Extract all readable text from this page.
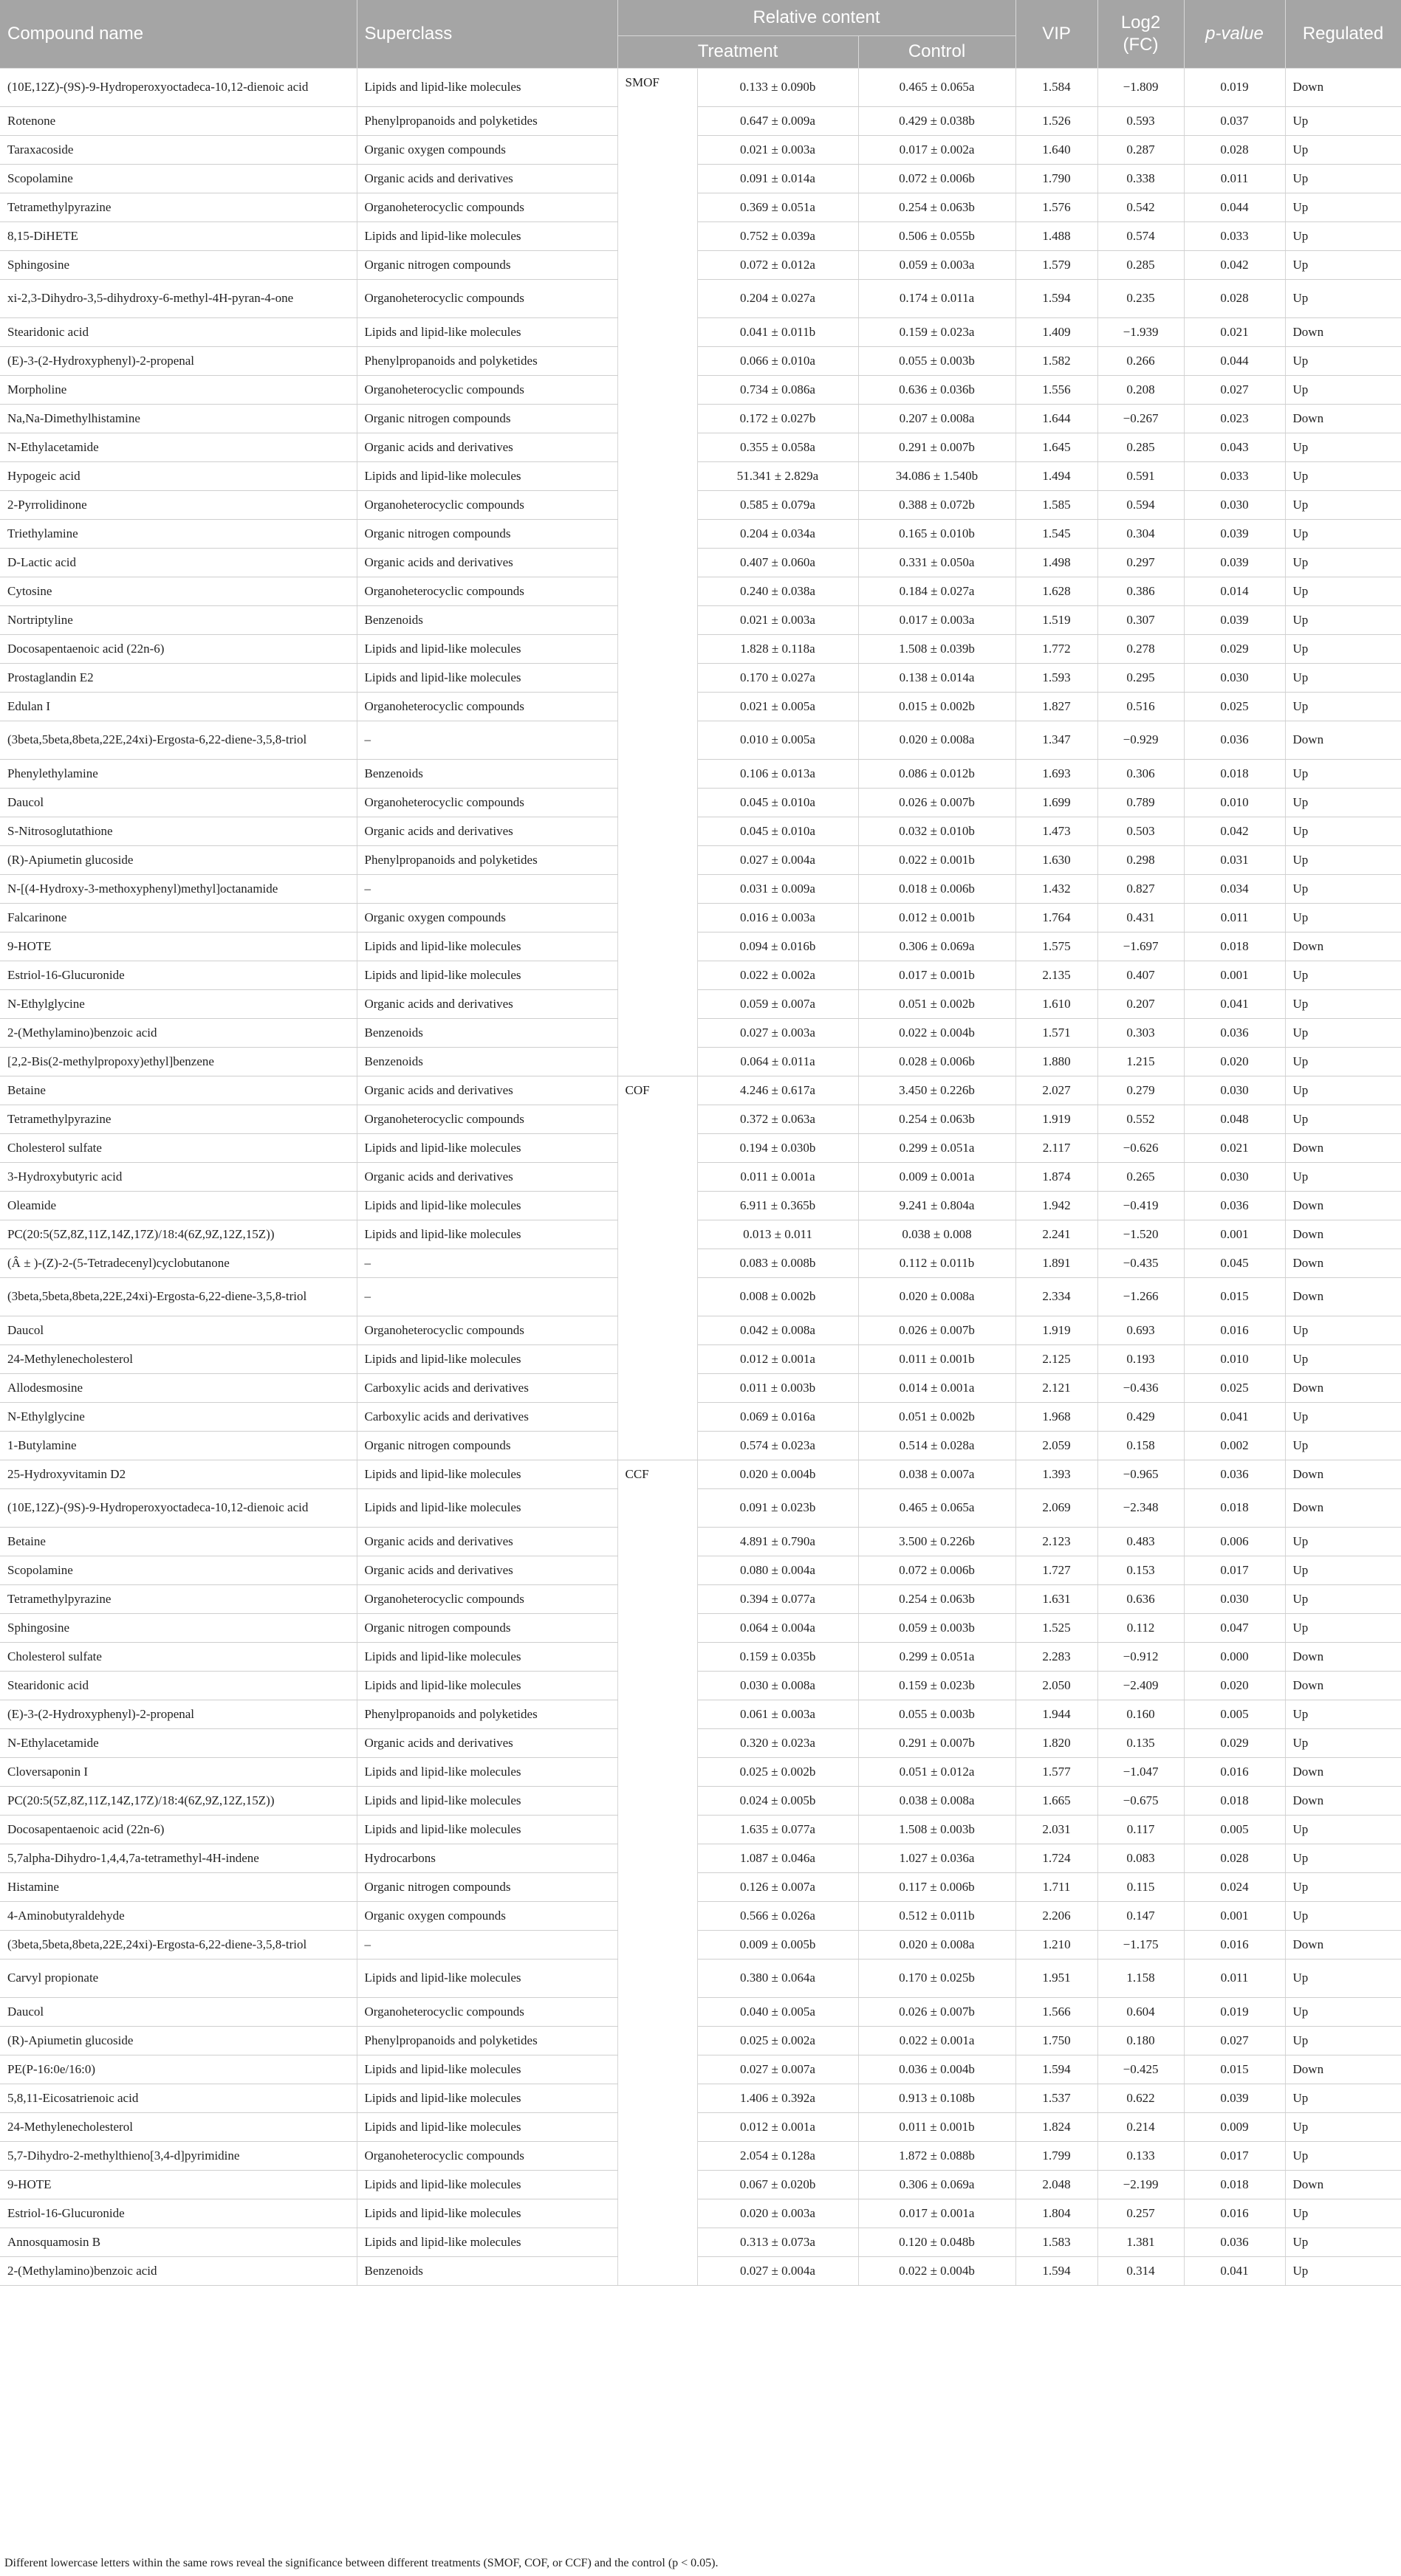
Compound name	Superclass	Relative content			VIP	Log2
(FC)	p-value	Regulated
		Treatment		Control				
(10E,12Z)-(9S)-9-Hydroperoxyoctadeca-10,12-dienoic acid	Lipids and lipid-like molecules	SMOF	0.133 ± 0.090b	0.465 ± 0.065a	1.584	−1.809	0.019	Down
Rotenone	Phenylpropanoids and polyketides		0.647 ± 0.009a	0.429 ± 0.038b	1.526	0.593	0.037	Up
Taraxacoside	Organic oxygen compounds		0.021 ± 0.003a	0.017 ± 0.002a	1.640	0.287	0.028	Up
Scopolamine	Organic acids and derivatives		0.091 ± 0.014a	0.072 ± 0.006b	1.790	0.338	0.011	Up
Tetramethylpyrazine	Organoheterocyclic compounds		0.369 ± 0.051a	0.254 ± 0.063b	1.576	0.542	0.044	Up
8,15-DiHETE	Lipids and lipid-like molecules		0.752 ± 0.039a	0.506 ± 0.055b	1.488	0.574	0.033	Up
Sphingosine	Organic nitrogen compounds		0.072 ± 0.012a	0.059 ± 0.003a	1.579	0.285	0.042	Up
xi-2,3-Dihydro-3,5-dihydroxy-6-methyl-4H-pyran-4-one	Organoheterocyclic compounds		0.204 ± 0.027a	0.174 ± 0.011a	1.594	0.235	0.028	Up
Stearidonic acid	Lipids and lipid-like molecules		0.041 ± 0.011b	0.159 ± 0.023a	1.409	−1.939	0.021	Down
(E)-3-(2-Hydroxyphenyl)-2-propenal	Phenylpropanoids and polyketides		0.066 ± 0.010a	0.055 ± 0.003b	1.582	0.266	0.044	Up
Morpholine	Organoheterocyclic compounds		0.734 ± 0.086a	0.636 ± 0.036b	1.556	0.208	0.027	Up
Na,Na-Dimethylhistamine	Organic nitrogen compounds		0.172 ± 0.027b	0.207 ± 0.008a	1.644	−0.267	0.023	Down
N-Ethylacetamide	Organic acids and derivatives		0.355 ± 0.058a	0.291 ± 0.007b	1.645	0.285	0.043	Up
Hypogeic acid	Lipids and lipid-like molecules		51.341 ± 2.829a	34.086 ± 1.540b	1.494	0.591	0.033	Up
2-Pyrrolidinone	Organoheterocyclic compounds		0.585 ± 0.079a	0.388 ± 0.072b	1.585	0.594	0.030	Up
Triethylamine	Organic nitrogen compounds		0.204 ± 0.034a	0.165 ± 0.010b	1.545	0.304	0.039	Up
D-Lactic acid	Organic acids and derivatives		0.407 ± 0.060a	0.331 ± 0.050a	1.498	0.297	0.039	Up
Cytosine	Organoheterocyclic compounds		0.240 ± 0.038a	0.184 ± 0.027a	1.628	0.386	0.014	Up
Nortriptyline	Benzenoids		0.021 ± 0.003a	0.017 ± 0.003a	1.519	0.307	0.039	Up
Docosapentaenoic acid (22n-6)	Lipids and lipid-like molecules		1.828 ± 0.118a	1.508 ± 0.039b	1.772	0.278	0.029	Up
Prostaglandin E2	Lipids and lipid-like molecules		0.170 ± 0.027a	0.138 ± 0.014a	1.593	0.295	0.030	Up
Edulan I	Organoheterocyclic compounds		0.021 ± 0.005a	0.015 ± 0.002b	1.827	0.516	0.025	Up
(3beta,5beta,8beta,22E,24xi)-Ergosta-6,22-diene-3,5,8-triol	–		0.010 ± 0.005a	0.020 ± 0.008a	1.347	−0.929	0.036	Down
Phenylethylamine	Benzenoids		0.106 ± 0.013a	0.086 ± 0.012b	1.693	0.306	0.018	Up
Daucol	Organoheterocyclic compounds		0.045 ± 0.010a	0.026 ± 0.007b	1.699	0.789	0.010	Up
S-Nitrosoglutathione	Organic acids and derivatives		0.045 ± 0.010a	0.032 ± 0.010b	1.473	0.503	0.042	Up
(R)-Apiumetin glucoside	Phenylpropanoids and polyketides		0.027 ± 0.004a	0.022 ± 0.001b	1.630	0.298	0.031	Up
N-[(4-Hydroxy-3-methoxyphenyl)methyl]octanamide	–		0.031 ± 0.009a	0.018 ± 0.006b	1.432	0.827	0.034	Up
Falcarinone	Organic oxygen compounds		0.016 ± 0.003a	0.012 ± 0.001b	1.764	0.431	0.011	Up
9-HOTE	Lipids and lipid-like molecules		0.094 ± 0.016b	0.306 ± 0.069a	1.575	−1.697	0.018	Down
Estriol-16-Glucuronide	Lipids and lipid-like molecules		0.022 ± 0.002a	0.017 ± 0.001b	2.135	0.407	0.001	Up
N-Ethylglycine	Organic acids and derivatives		0.059 ± 0.007a	0.051 ± 0.002b	1.610	0.207	0.041	Up
2-(Methylamino)benzoic acid	Benzenoids		0.027 ± 0.003a	0.022 ± 0.004b	1.571	0.303	0.036	Up
[2,2-Bis(2-methylpropoxy)ethyl]benzene	Benzenoids		0.064 ± 0.011a	0.028 ± 0.006b	1.880	1.215	0.020	Up
Betaine	Organic acids and derivatives	COF	4.246 ± 0.617a	3.450 ± 0.226b	2.027	0.279	0.030	Up
Tetramethylpyrazine	Organoheterocyclic compounds		0.372 ± 0.063a	0.254 ± 0.063b	1.919	0.552	0.048	Up
Cholesterol sulfate	Lipids and lipid-like molecules		0.194 ± 0.030b	0.299 ± 0.051a	2.117	−0.626	0.021	Down
3-Hydroxybutyric acid	Organic acids and derivatives		0.011 ± 0.001a	0.009 ± 0.001a	1.874	0.265	0.030	Up
Oleamide	Lipids and lipid-like molecules		6.911 ± 0.365b	9.241 ± 0.804a	1.942	−0.419	0.036	Down
PC(20:5(5Z,8Z,11Z,14Z,17Z)/18:4(6Z,9Z,12Z,15Z))	Lipids and lipid-like molecules		0.013 ± 0.011	0.038 ± 0.008	2.241	−1.520	0.001	Down
(Â ± )-(Z)-2-(5-Tetradecenyl)cyclobutanone	–		0.083 ± 0.008b	0.112 ± 0.011b	1.891	−0.435	0.045	Down
(3beta,5beta,8beta,22E,24xi)-Ergosta-6,22-diene-3,5,8-triol	–		0.008 ± 0.002b	0.020 ± 0.008a	2.334	−1.266	0.015	Down
Daucol	Organoheterocyclic compounds		0.042 ± 0.008a	0.026 ± 0.007b	1.919	0.693	0.016	Up
24-Methylenecholesterol	Lipids and lipid-like molecules		0.012 ± 0.001a	0.011 ± 0.001b	2.125	0.193	0.010	Up
Allodesmosine	Carboxylic acids and derivatives		0.011 ± 0.003b	0.014 ± 0.001a	2.121	−0.436	0.025	Down
N-Ethylglycine	Carboxylic acids and derivatives		0.069 ± 0.016a	0.051 ± 0.002b	1.968	0.429	0.041	Up
1-Butylamine	Organic nitrogen compounds		0.574 ± 0.023a	0.514 ± 0.028a	2.059	0.158	0.002	Up
25-Hydroxyvitamin D2	Lipids and lipid-like molecules	CCF	0.020 ± 0.004b	0.038 ± 0.007a	1.393	−0.965	0.036	Down
(10E,12Z)-(9S)-9-Hydroperoxyoctadeca-10,12-dienoic acid	Lipids and lipid-like molecules		0.091 ± 0.023b	0.465 ± 0.065a	2.069	−2.348	0.018	Down
Betaine	Organic acids and derivatives		4.891 ± 0.790a	3.500 ± 0.226b	2.123	0.483	0.006	Up
Scopolamine	Organic acids and derivatives		0.080 ± 0.004a	0.072 ± 0.006b	1.727	0.153	0.017	Up
Tetramethylpyrazine	Organoheterocyclic compounds		0.394 ± 0.077a	0.254 ± 0.063b	1.631	0.636	0.030	Up
Sphingosine	Organic nitrogen compounds		0.064 ± 0.004a	0.059 ± 0.003b	1.525	0.112	0.047	Up
Cholesterol sulfate	Lipids and lipid-like molecules		0.159 ± 0.035b	0.299 ± 0.051a	2.283	−0.912	0.000	Down
Stearidonic acid	Lipids and lipid-like molecules		0.030 ± 0.008a	0.159 ± 0.023b	2.050	−2.409	0.020	Down
(E)-3-(2-Hydroxyphenyl)-2-propenal	Phenylpropanoids and polyketides		0.061 ± 0.003a	0.055 ± 0.003b	1.944	0.160	0.005	Up
N-Ethylacetamide	Organic acids and derivatives		0.320 ± 0.023a	0.291 ± 0.007b	1.820	0.135	0.029	Up
Cloversaponin I	Lipids and lipid-like molecules		0.025 ± 0.002b	0.051 ± 0.012a	1.577	−1.047	0.016	Down
PC(20:5(5Z,8Z,11Z,14Z,17Z)/18:4(6Z,9Z,12Z,15Z))	Lipids and lipid-like molecules		0.024 ± 0.005b	0.038 ± 0.008a	1.665	−0.675	0.018	Down
Docosapentaenoic acid (22n-6)	Lipids and lipid-like molecules		1.635 ± 0.077a	1.508 ± 0.003b	2.031	0.117	0.005	Up
5,7alpha-Dihydro-1,4,4,7a-tetramethyl-4H-indene	Hydrocarbons		1.087 ± 0.046a	1.027 ± 0.036a	1.724	0.083	0.028	Up
Histamine	Organic nitrogen compounds		0.126 ± 0.007a	0.117 ± 0.006b	1.711	0.115	0.024	Up
4-Aminobutyraldehyde	Organic oxygen compounds		0.566 ± 0.026a	0.512 ± 0.011b	2.206	0.147	0.001	Up
(3beta,5beta,8beta,22E,24xi)-Ergosta-6,22-diene-3,5,8-triol	–		0.009 ± 0.005b	0.020 ± 0.008a	1.210	−1.175	0.016	Down
Carvyl propionate	Lipids and lipid-like molecules		0.380 ± 0.064a	0.170 ± 0.025b	1.951	1.158	0.011	Up
Daucol	Organoheterocyclic compounds		0.040 ± 0.005a	0.026 ± 0.007b	1.566	0.604	0.019	Up
(R)-Apiumetin glucoside	Phenylpropanoids and polyketides		0.025 ± 0.002a	0.022 ± 0.001a	1.750	0.180	0.027	Up
PE(P-16:0e/16:0)	Lipids and lipid-like molecules		0.027 ± 0.007a	0.036 ± 0.004b	1.594	−0.425	0.015	Down
5,8,11-Eicosatrienoic acid	Lipids and lipid-like molecules		1.406 ± 0.392a	0.913 ± 0.108b	1.537	0.622	0.039	Up
24-Methylenecholesterol	Lipids and lipid-like molecules		0.012 ± 0.001a	0.011 ± 0.001b	1.824	0.214	0.009	Up
5,7-Dihydro-2-methylthieno[3,4-d]pyrimidine	Organoheterocyclic compounds		2.054 ± 0.128a	1.872 ± 0.088b	1.799	0.133	0.017	Up
9-HOTE	Lipids and lipid-like molecules		0.067 ± 0.020b	0.306 ± 0.069a	2.048	−2.199	0.018	Down
Estriol-16-Glucuronide	Lipids and lipid-like molecules		0.020 ± 0.003a	0.017 ± 0.001a	1.804	0.257	0.016	Up
Annosquamosin B	Lipids and lipid-like molecules		0.313 ± 0.073a	0.120 ± 0.048b	1.583	1.381	0.036	Up
2-(Methylamino)benzoic acid	Benzenoids		0.027 ± 0.004a	0.022 ± 0.004b	1.594	0.314	0.041	Up
Different lowercase letters within the same rows reveal the significance between different treatments (SMOF, COF, or CCF) and the control (p < 0.05).
